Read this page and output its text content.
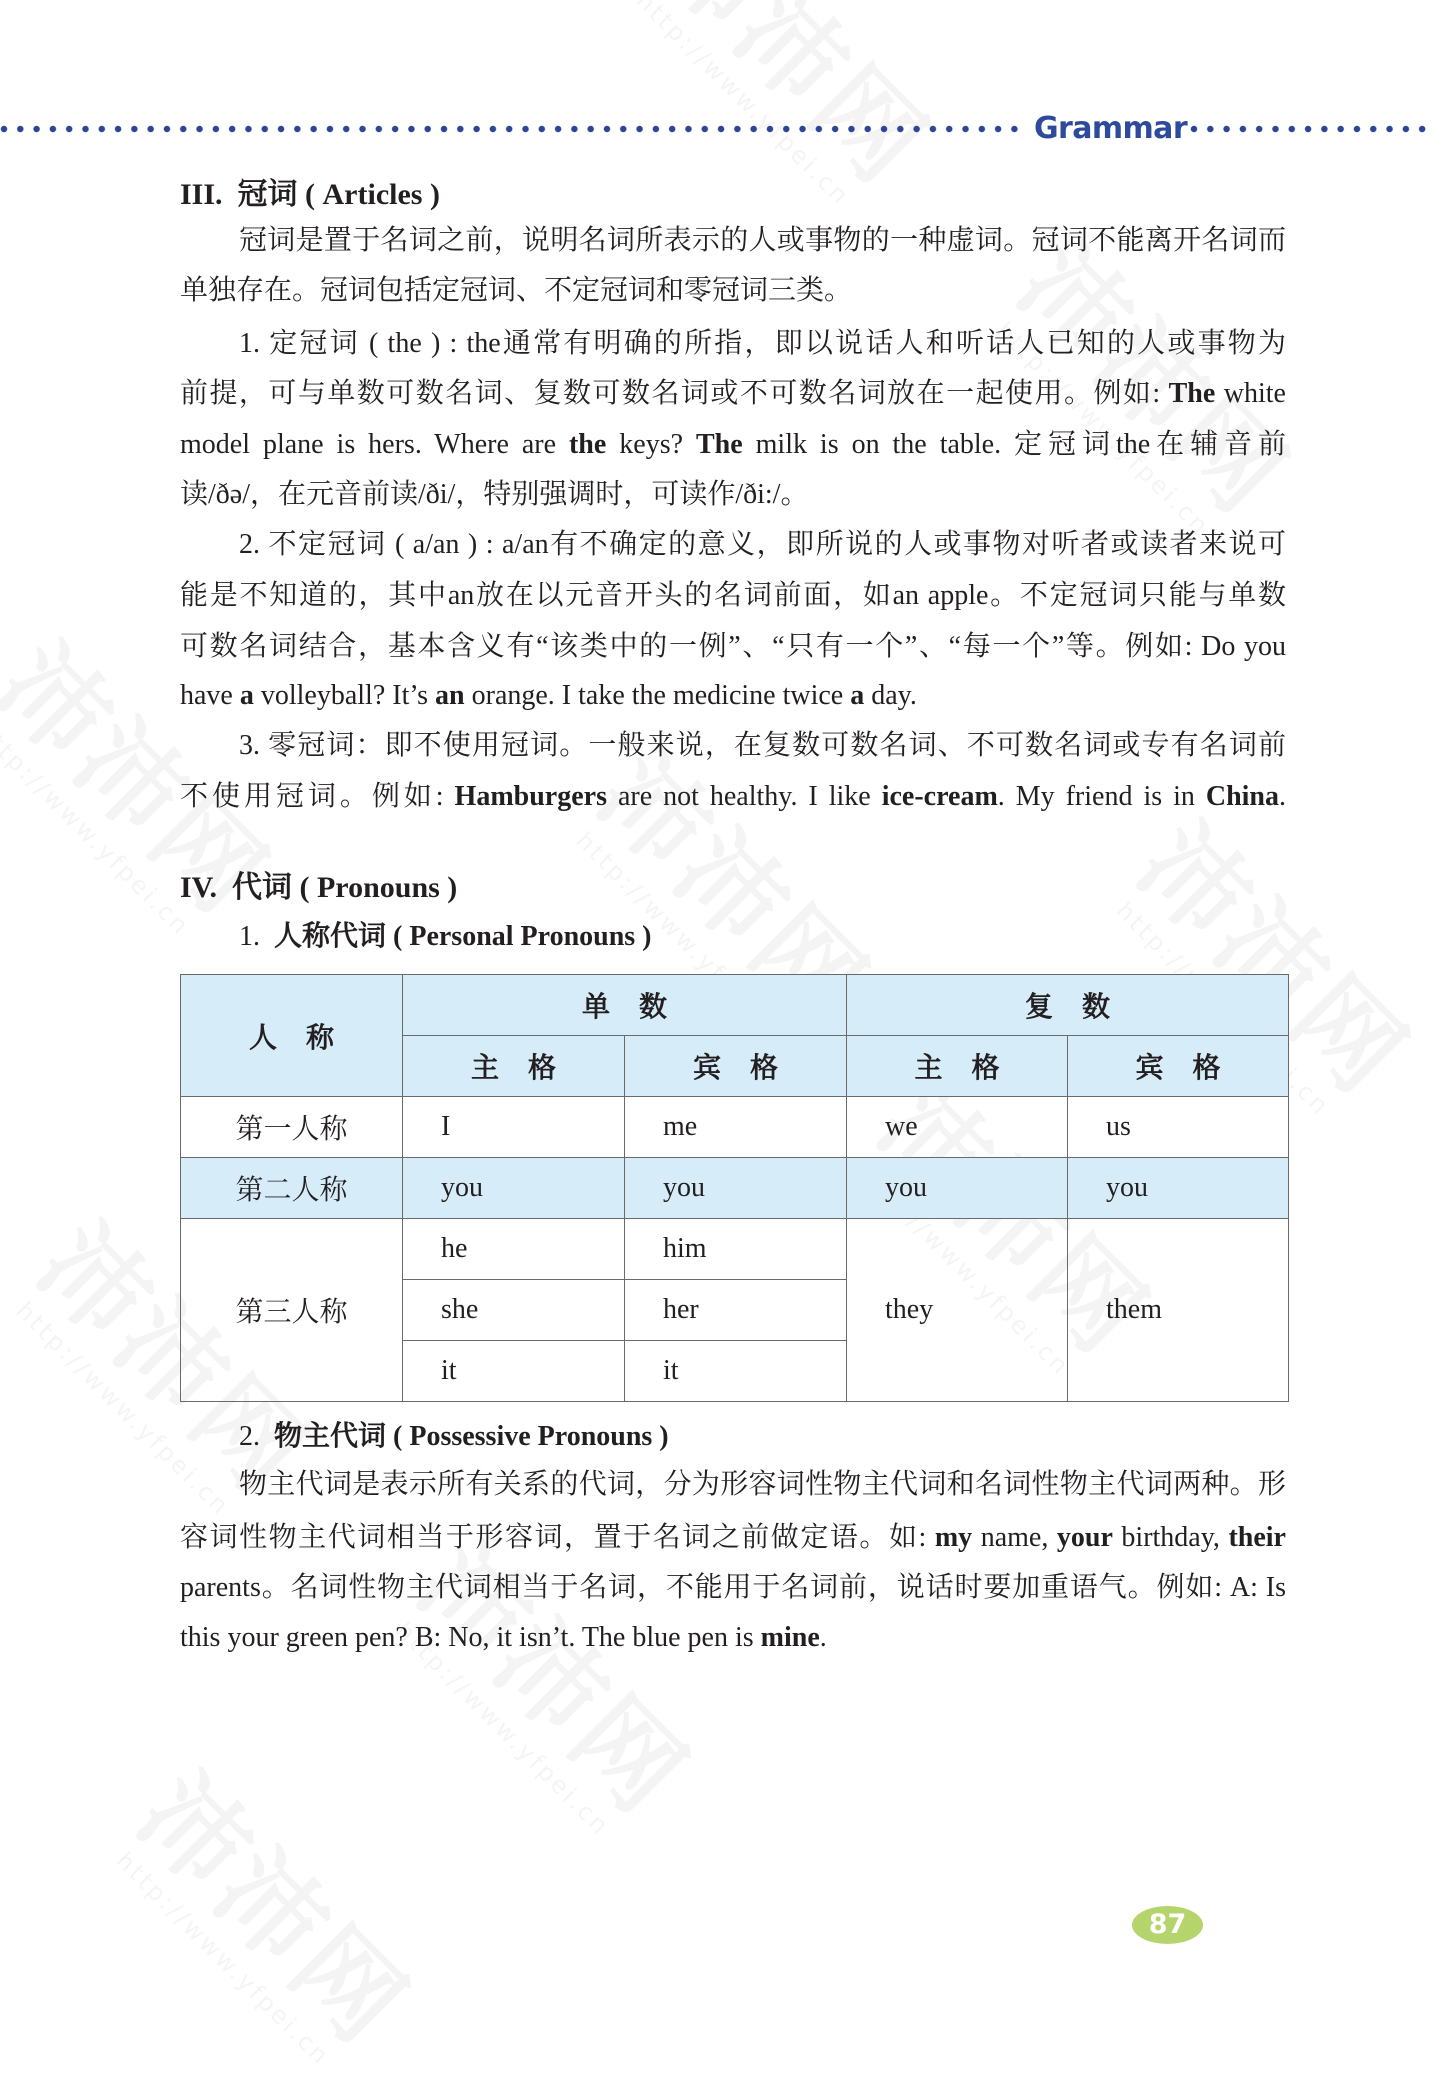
Grammar
III. 冠词 ( Articles )
冠词是置于名词之前，说明名词所表示的人或事物的一种虚词。冠词不能离开名词而
单独存在。冠词包括定冠词、不定冠词和零冠词三类。
1. 定冠词 ( the ) : the通常有明确的所指，即以说话人和听话人已知的人或事物为
前提，可与单数可数名词、复数可数名词或不可数名词放在一起使用。例如: The white
model plane is hers. Where are the keys? The milk is on the table. 定冠词the在辅音前
读/ðə/，在元音前读/ði/，特别强调时，可读作/ði:/。
2. 不定冠词 ( a/an ) : a/an有不确定的意义，即所说的人或事物对听者或读者来说可
能是不知道的，其中an放在以元音开头的名词前面，如an apple。不定冠词只能与单数
可数名词结合，基本含义有“该类中的一例”、“只有一个”、“每一个”等。例如: Do you
have a volleyball? It’s an orange. I take the medicine twice a day.
3. 零冠词：即不使用冠词。一般来说，在复数可数名词、不可数名词或专有名词前
不使用冠词。例如: Hamburgers are not healthy. I like ice-cream. My friend is in China.
IV. 代词 ( Pronouns )
1. 人称代词 ( Personal Pronouns )
人 称	单 数		复 数	
	主 格	宾 格	主 格	宾 格
第一人称	I	me	we	us
第二人称	you	you	you	you
第三人称	he	him	they	them
	she	her		
	it	it		
2. 物主代词 ( Possessive Pronouns )
物主代词是表示所有关系的代词，分为形容词性物主代词和名词性物主代词两种。形
容词性物主代词相当于形容词，置于名词之前做定语。如: my name, your birthday, their
parents。名词性物主代词相当于名词，不能用于名词前，说话时要加重语气。例如: A: Is
this your green pen? B: No, it isn’t. The blue pen is mine.
87
